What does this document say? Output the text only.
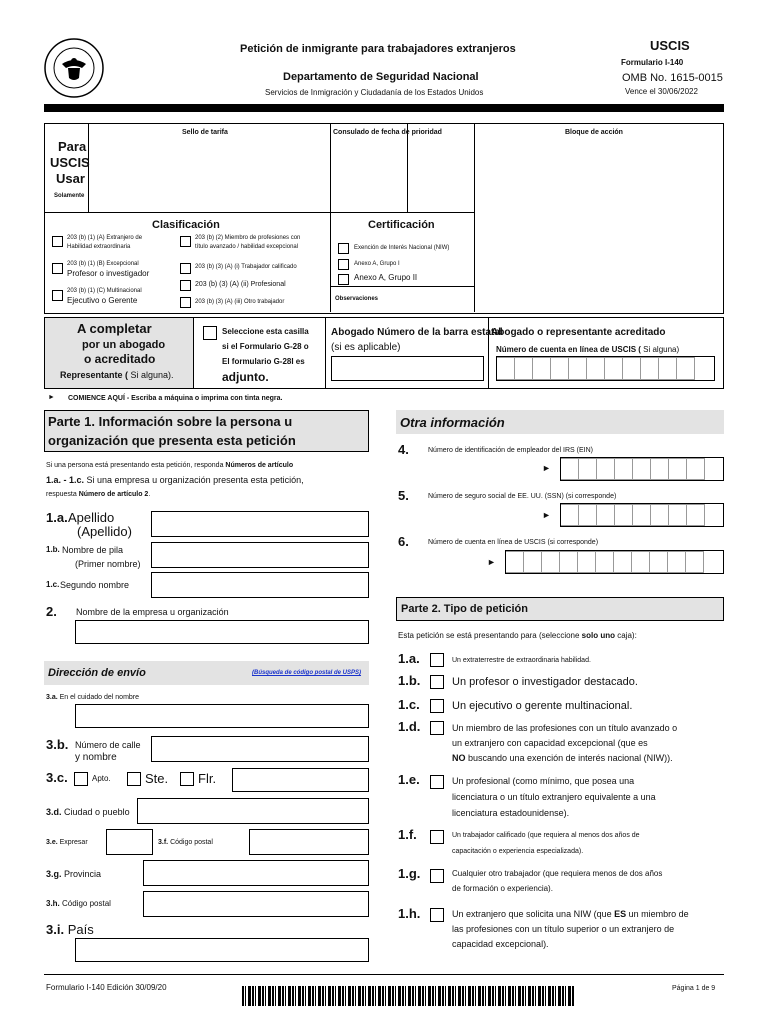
Petición de inmigrante para trabajadores extranjeros
Departamento de Seguridad Nacional
Servicios de Inmigración y Ciudadanía de los Estados Unidos
USCIS
Formulario I-140
OMB No. 1615-0015
Vence el 30/06/2022
Para
USCIS
Usar
Solamente
Sello de tarifa	Consulado de fecha de prioridad	Bloque de acción
Clasificación	Certificación
203 (b) (1) (A) Extranjero de
Habilidad extraordinaria
203 (b) (1) (B) Excepcional
Profesor o investigador
203 (b) (1) (C) Multinacional
Ejecutivo o Gerente
203 (b) (2) Miembro de profesiones con
título avanzado / habilidad excepcional
203 (b) (3) (A) (i) Trabajador calificado
203 (b) (3) (A) (ii) Profesional
203 (b) (3) (A) (iii) Otro trabajador
Exención de Interés Nacional (NIW)
Anexo A, Grupo I
Anexo A, Grupo II
Observaciones
A completar
por un abogado
o acreditado
Representante ( Si alguna).
Seleccione esta casilla
si el Formulario G-28 o
El formulario G-28I es
adjunto.
Abogado Número de la barra estatal
(si es aplicable)
Abogado o representante acreditado
Número de cuenta en línea de USCIS ( Si alguna)
► COMIENCE AQUÍ - Escriba a máquina o imprima con tinta negra.
Parte 1. Información sobre la persona u
organización que presenta esta petición
Si una persona está presentando esta petición, responda Números de artículo
1.a. - 1.c. Si una empresa u organización presenta esta petición,
respuesta Número de artículo 2.
1.a. Apellido
(Apellido)
1.b. Nombre de pila
(Primer nombre)
1.c. Segundo nombre
2. Nombre de la empresa u organización
Dirección de envío	(Búsqueda de código postal de USPS)
3.a. En el cuidado del nombre
3.b. Número de calle
y nombre
3.c.	Apto.	Ste. Flr.
3.d. Ciudad o pueblo
3.e. Expresar	3.f. Código postal
3.g. Provincia
3.h. Código postal
3.i. País
Otra información
4.	Número de identificación de empleador del IRS (EIN)
►
5.	Número de seguro social de EE. UU. (SSN) (si corresponde)
►
6.	Número de cuenta en línea de USCIS (si corresponde)
►
Parte 2. Tipo de petición
Esta petición se está presentando para (seleccione solo uno caja):
1.a.	Un extraterrestre de extraordinaria habilidad.
1.b.	Un profesor o investigador destacado.
1.c.	Un ejecutivo o gerente multinacional.
1.d.	Un miembro de las profesiones con un título avanzado o
un extranjero con capacidad excepcional (que es
NO buscando una exención de interés nacional (NIW)).
1.e.	Un profesional (como mínimo, que posea una
licenciatura o un título extranjero equivalente a una
licenciatura estadounidense).
1.f.	Un trabajador calificado (que requiera al menos dos años de
capacitación o experiencia especializada).
1.g.	Cualquier otro trabajador (que requiera menos de dos años
de formación o experiencia).
1.h.	Un extranjero que solicita una NIW (que ES un miembro de
las profesiones con un título superior o un extranjero de
capacidad excepcional).
Formulario I-140 Edición 30/09/20	Página 1 de 9
